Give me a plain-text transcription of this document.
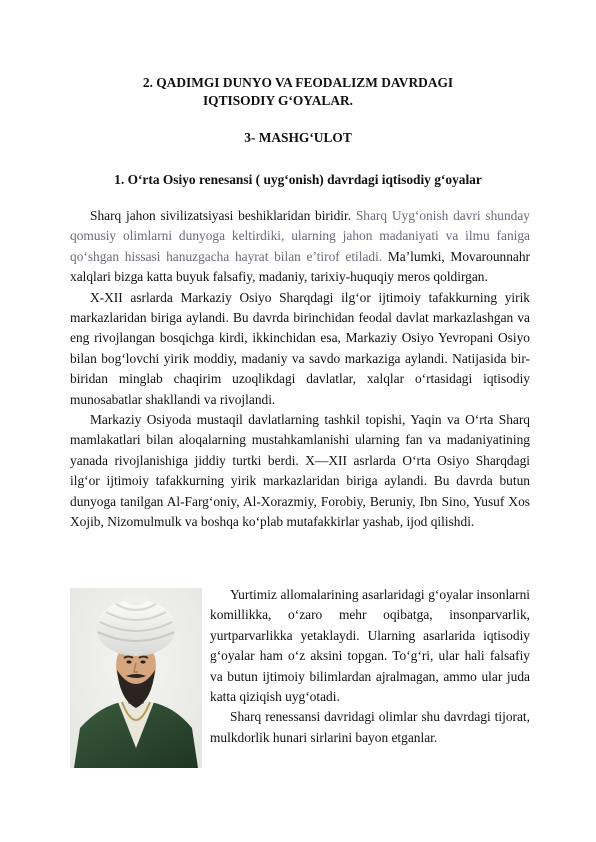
2. QADIMGI DUNYO VA FEODALIZM DAVRDAGI
IQTISODIY G‘OYALAR.
3- MASHG‘ULOT
1. O‘rta Osiyo renesansi ( uyg‘onish) davrdagi iqtisodiy g‘oyalar

Sharq jahon sivilizatsiyasi beshiklaridan biridir. Sharq Uyg‘onish davri shunday qomusiy olimlarni dunyoga keltirdiki, ularning jahon madaniyati va ilmu faniga qo‘shgan hissasi hanuzgacha hayrat bilan e’tirof etiladi. Ma’lumki, Movarounnahr xalqlari bizga katta buyuk falsafiy, madaniy, tarixiy-huquqiy meros qoldirgan.

X-XII asrlarda Markaziy Osiyo Sharqdagi ilg‘or ijtimoiy tafakkurning yirik markazlaridan biriga aylandi. Bu davrda birinchidan feodal davlat markazlashgan va eng rivojlangan bosqichga kirdi, ikkinchidan esa, Markaziy Osiyo Yevropani Osiyo bilan bog‘lovchi yirik moddiy, madaniy va savdo markaziga aylandi. Natijasida bir-biridan minglab chaqirim uzoqlikdagi davlatlar, xalqlar o‘rtasidagi iqtisodiy munosabatlar shakllandi va rivojlandi.

Markaziy Osiyoda mustaqil davlatlarning tashkil topishi, Yaqin va O‘rta Sharq mamlakatlari bilan aloqalarning mustahkamlanishi ularning fan va madaniyatining yanada rivojlanishiga jiddiy turtki berdi. X—XII asrlarda O‘rta Osiyo Sharqdagi ilg‘or ijtimoiy tafakkurning yirik markazlaridan biriga aylandi. Bu davrda butun dunyoga tanilgan Al-Farg‘oniy, Al-Xorazmiy, Forobiy, Beruniy, Ibn Sino, Yusuf Xos Xojib, Nizomulmulk va boshqa ko‘plab mutafakkirlar yashab, ijod qilishdi.

Yurtimiz allomalarining asarlaridagi g‘oyalar insonlarni komillikka, o‘zaro mehr oqibatga, insonparvarlik, yurtparvarlikka yetaklaydi. Ularning asarlarida iqtisodiy g‘oyalar ham o‘z aksini topgan. To‘g‘ri, ular hali falsafiy va butun ijtimoiy bilimlardan ajralmagan, ammo ular juda katta qiziqish uyg‘otadi.

Sharq renessansi davridagi olimlar shu davrdagi tijorat, mulkdorlik hunari sirlarini bayon etganlar.
